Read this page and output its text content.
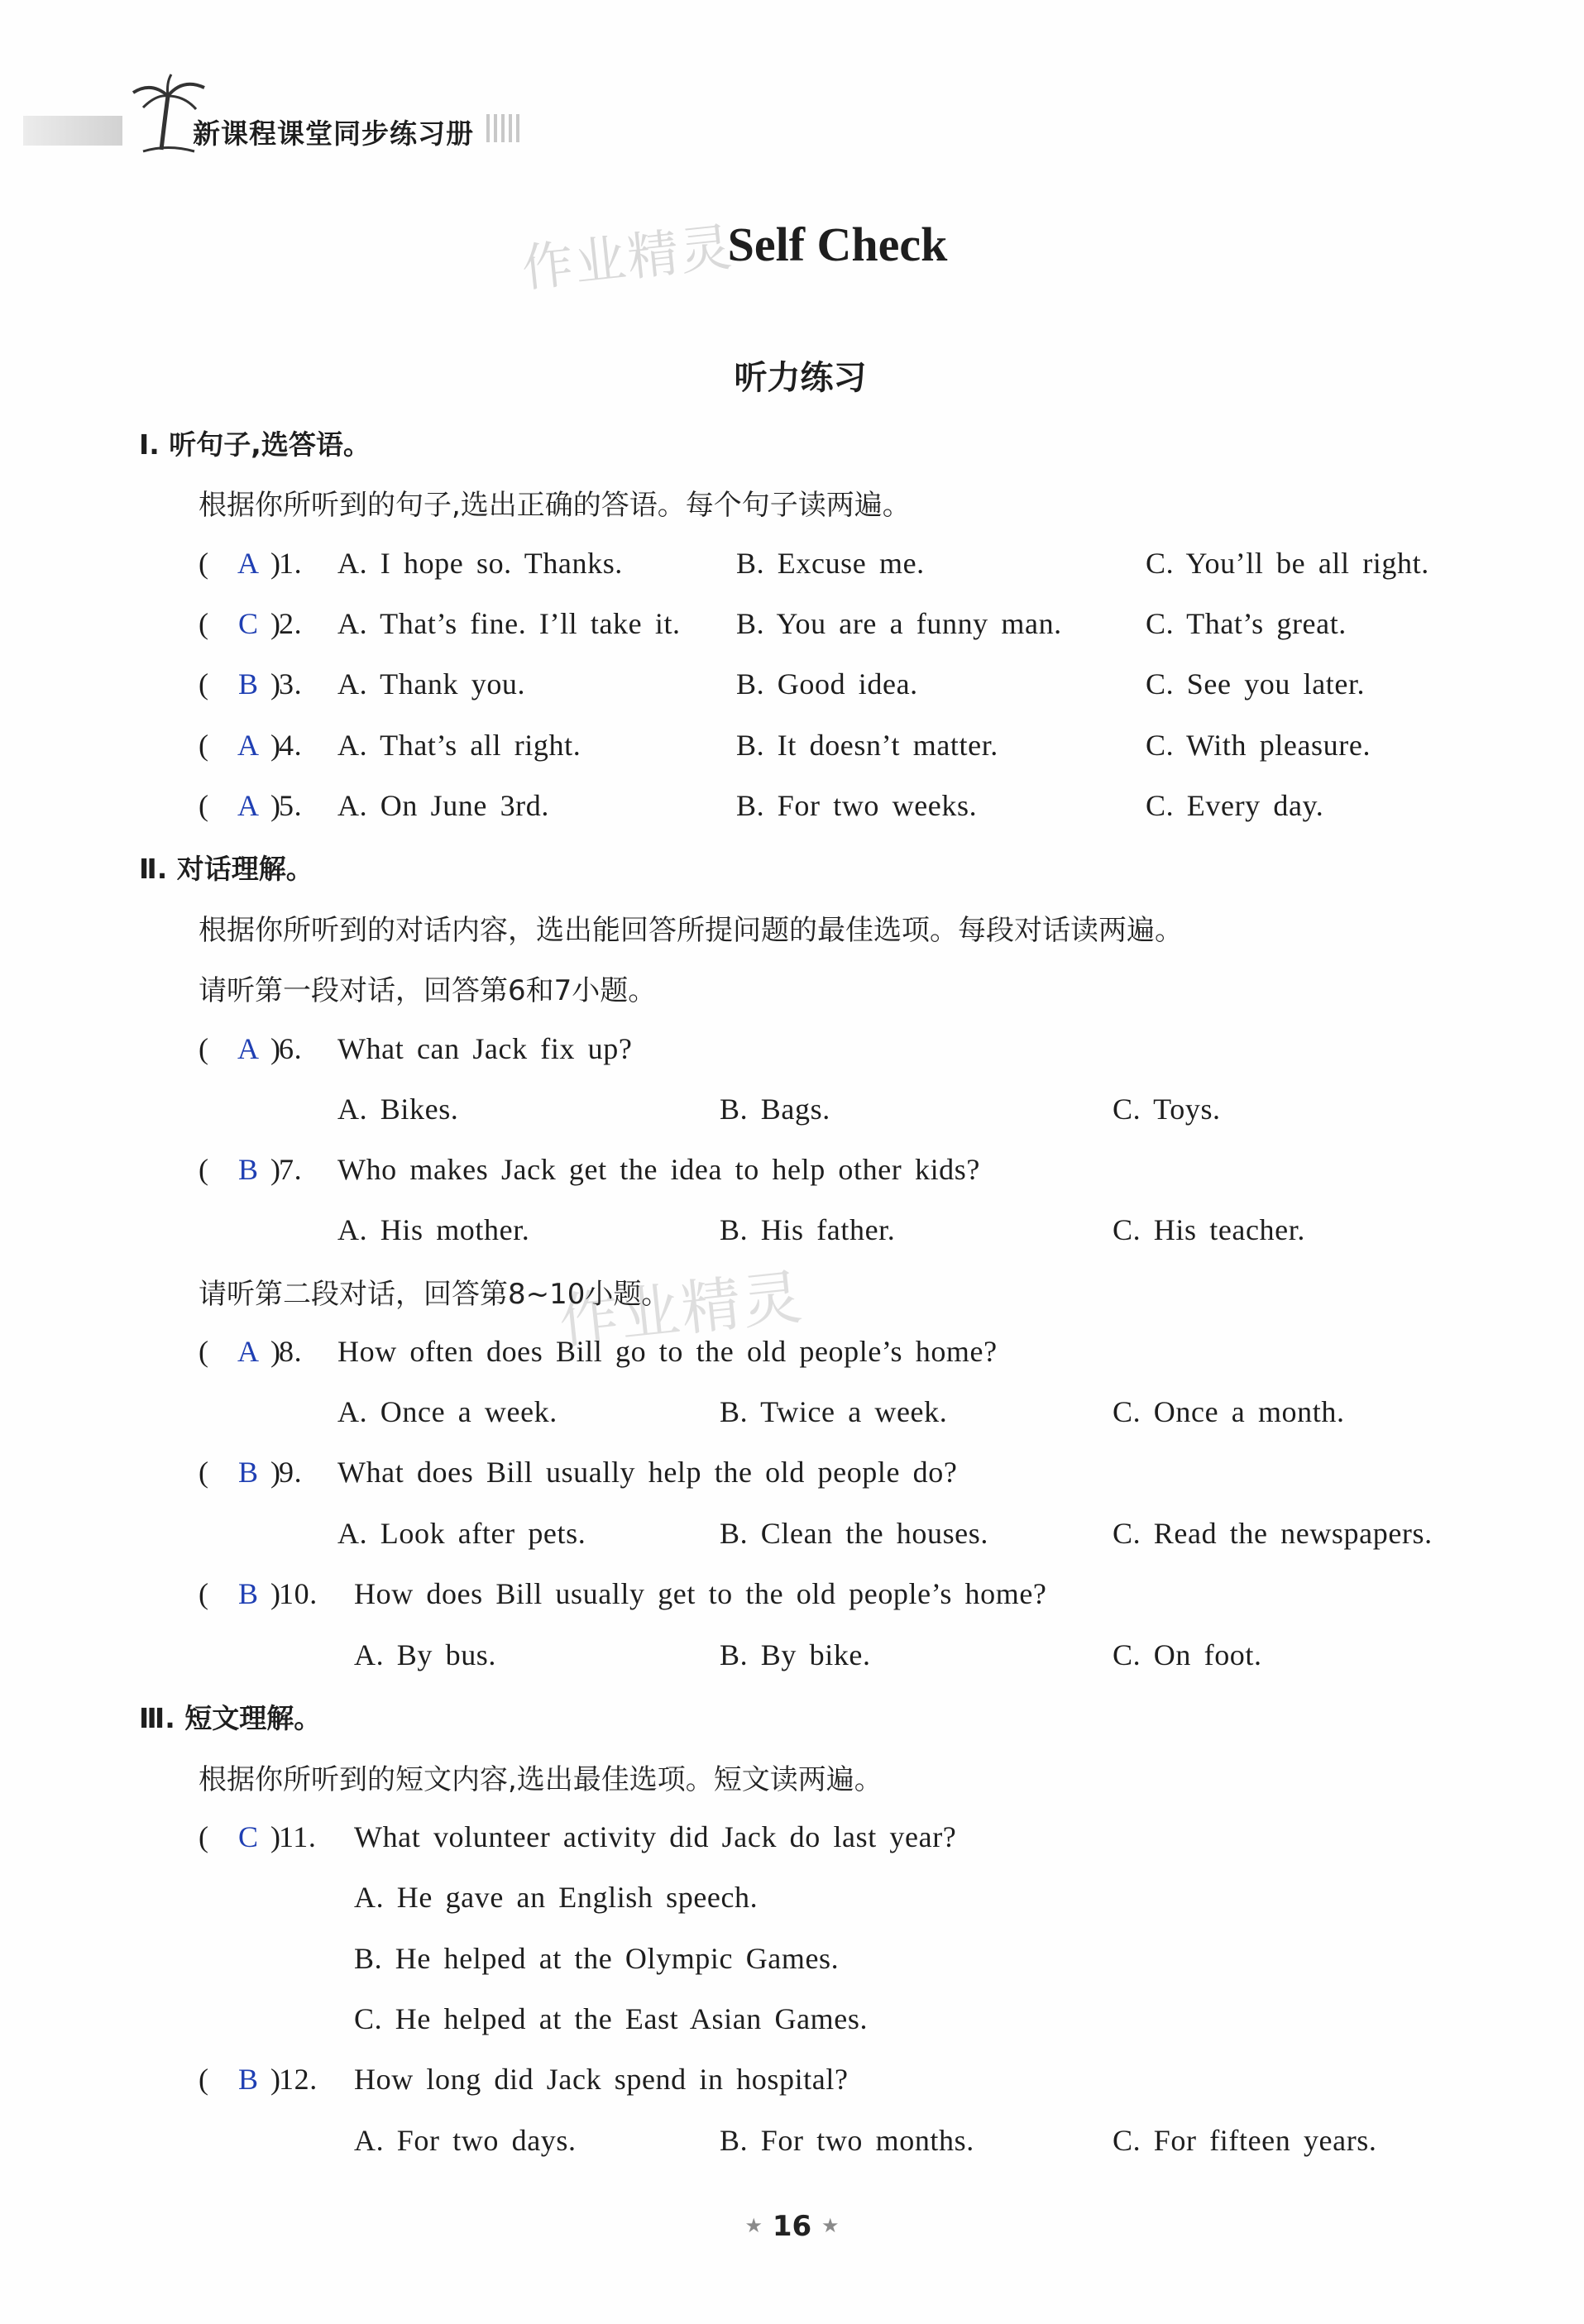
新课程课堂同步练习册
作业精灵
作业精灵
Self Check
听力练习
Ⅰ. 听句子,选答语。
根据你所听到的句子,选出正确的答语。每个句子读两遍。
( A 1.
) A. I hope so. Thanks.	B. Excuse me.	C. You’ll be all right.
( C )
2. A. That’s fine. I’ll take it. B. You are a funny man.	C. That’s great.
( B )
3. A. Thank you.	B. Good idea.	C. See you later.
( A )
4. A. That’s all right.	B. It doesn’t matter.	C. With pleasure.
( A )
5. A. On June 3rd.	B. For two weeks.	C. Every day.
Ⅱ. 对话理解。
根据你所听到的对话内容，选出能回答所提问题的最佳选项。每段对话读两遍。
请听第一段对话，回答第6和7小题。
( A )
6. What can Jack fix up?
A. Bikes.	B. Bags.	C. Toys.
( B )
7. Who makes Jack get the idea to help other kids?
A. His mother.	B. His father.	C. His teacher.
请听第二段对话，回答第8~10小题。
( A )
8. How often does Bill go to the old people’s home?
A. Once a week.	B. Twice a week.	C. Once a month.
( B )
9. What does Bill usually help the old people do?
A. Look after pets.	B. Clean the houses.	C. Read the newspapers.
( B )
10. How does Bill usually get to the old people’s home?
A. By bus.	B. By bike.	C. On foot.
Ⅲ. 短文理解。
根据你所听到的短文内容,选出最佳选项。短文读两遍。
( C )
11. What volunteer activity did Jack do last year?
A. He gave an English speech.
B. He helped at the Olympic Games.
C. He helped at the East Asian Games.
( B )
12. How long did Jack spend in hospital?
A. For two days.	B. For two months.	C. For fifteen years.
★ 16 ★
